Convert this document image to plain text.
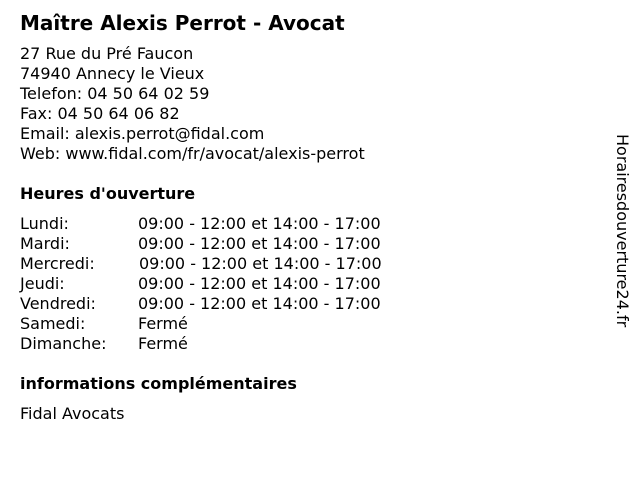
Maître Alexis Perrot - Avocat
27 Rue du Pré Faucon
74940 Annecy le Vieux
Telefon: 04 50 64 02 59
Fax: 04 50 64 06 82
Email: alexis.perrot@fidal.com
Web: www.fidal.com/fr/avocat/alexis-perrot
Heures d'ouverture
Lundi:	09:00 - 12:00 et 14:00 - 17:00
Mardi:	09:00 - 12:00 et 14:00 - 17:00
Mercredi:	09:00 - 12:00 et 14:00 - 17:00
Jeudi:	09:00 - 12:00 et 14:00 - 17:00
Vendredi:	09:00 - 12:00 et 14:00 - 17:00
Samedi:	Fermé
Dimanche: Fermé
informations complémentaires
Fidal Avocats
Horairesdouverture24.fr
